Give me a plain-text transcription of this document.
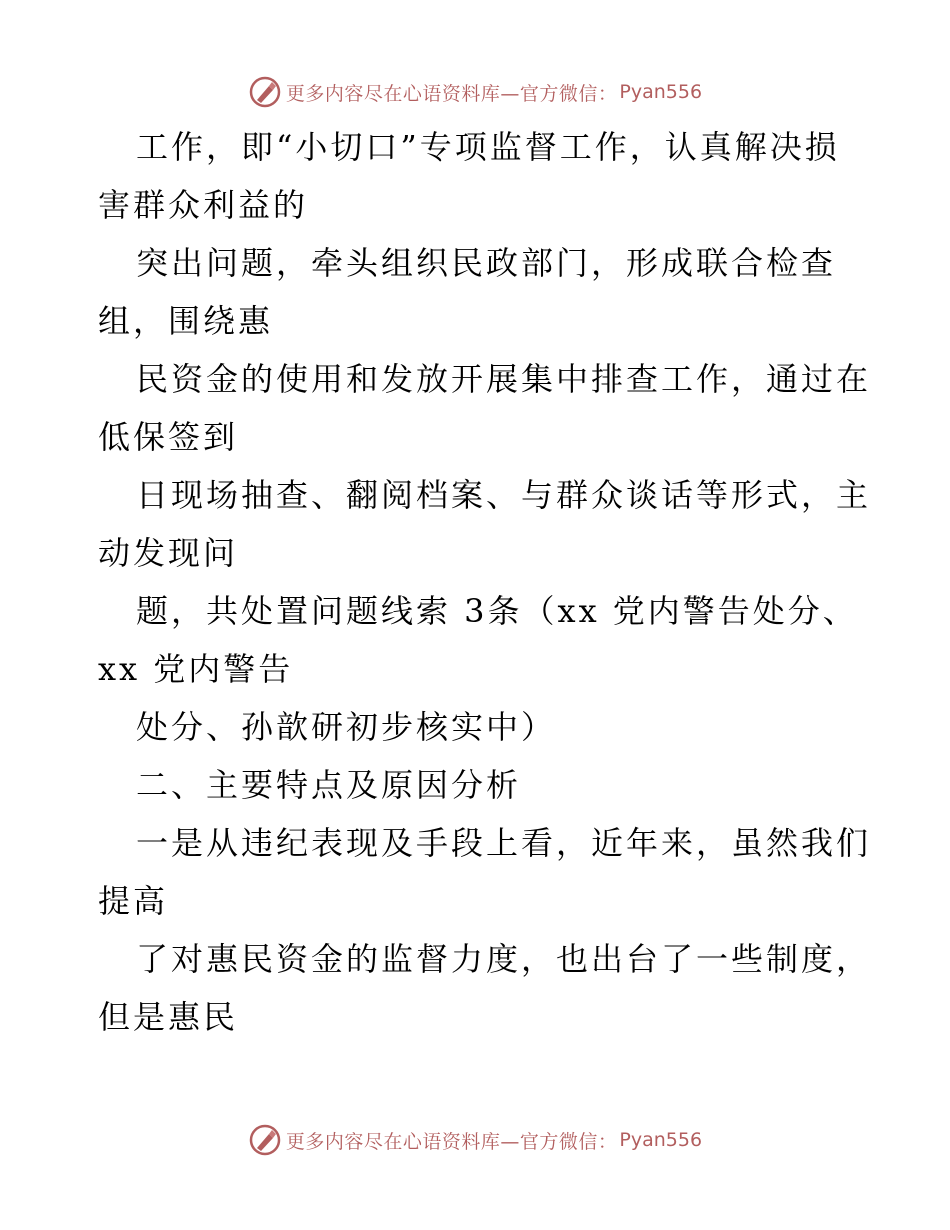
更多内容尽在心语资料库—官方微信： Pyan556
工作，即“小切口”专项监督工作，认真解决损
害群众利益的
突出问题，牵头组织民政部门，形成联合检查
组，围绕惠
民资金的使用和发放开展集中排查工作，通过在
低保签到
日现场抽查、翻阅档案、与群众谈话等形式，主
动发现问
题，共处置问题线索 3条（xx 党内警告处分、
xx 党内警告
处分、孙歆研初步核实中）
二、主要特点及原因分析
一是从违纪表现及手段上看，近年来，虽然我们
提高
了对惠民资金的监督力度，也出台了一些制度，
但是惠民
更多内容尽在心语资料库—官方微信： Pyan556
